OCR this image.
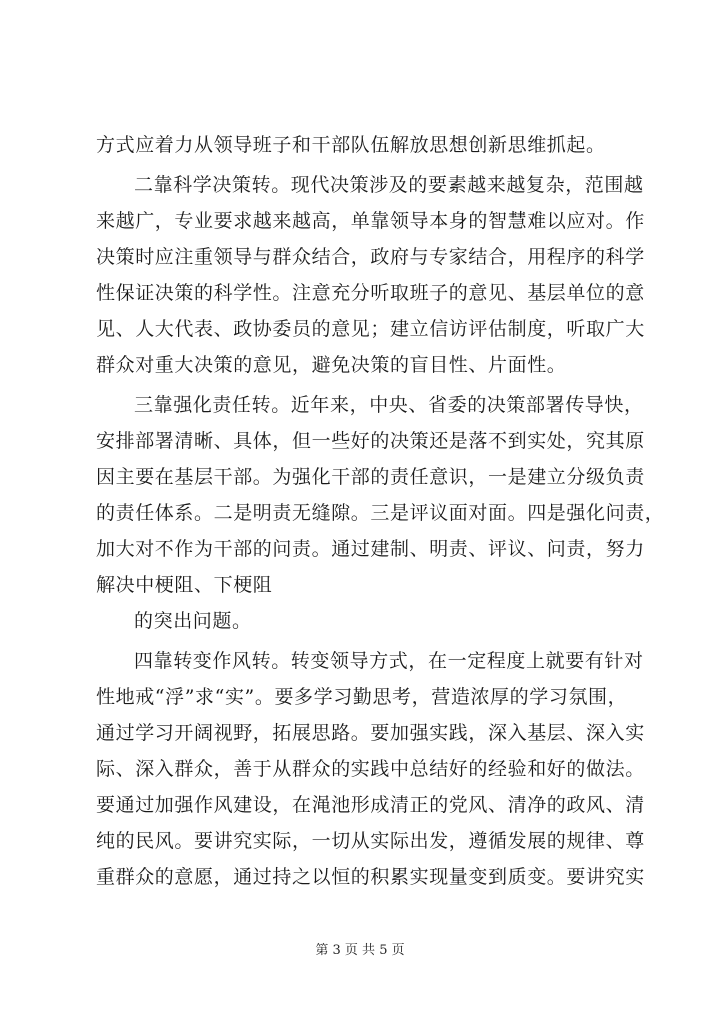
方式应着力从领导班子和干部队伍解放思想创新思维抓起。
二靠科学决策转。现代决策涉及的要素越来越复杂，范围越
来越广，专业要求越来越高，单靠领导本身的智慧难以应对。作
决策时应注重领导与群众结合，政府与专家结合，用程序的科学
性保证决策的科学性。注意充分听取班子的意见、基层单位的意
见、人大代表、政协委员的意见；建立信访评估制度，听取广大
群众对重大决策的意见，避免决策的盲目性、片面性。
三靠强化责任转。近年来，中央、省委的决策部署传导快，
安排部署清晰、具体，但一些好的决策还是落不到实处，究其原
因主要在基层干部。为强化干部的责任意识，一是建立分级负责
的责任体系。二是明责无缝隙。三是评议面对面。四是强化问责，
加大对不作为干部的问责。通过建制、明责、评议、问责，努力
解决中梗阻、下梗阻
的突出问题。
四靠转变作风转。转变领导方式，在一定程度上就要有针对
性地戒“浮”求“实”。要多学习勤思考，营造浓厚的学习氛围，
通过学习开阔视野，拓展思路。要加强实践，深入基层、深入实
际、深入群众，善于从群众的实践中总结好的经验和好的做法。
要通过加强作风建设，在渑池形成清正的党风、清净的政风、清
纯的民风。要讲究实际，一切从实际出发，遵循发展的规律、尊
重群众的意愿，通过持之以恒的积累实现量变到质变。要讲究实
第 3 页 共 5 页
